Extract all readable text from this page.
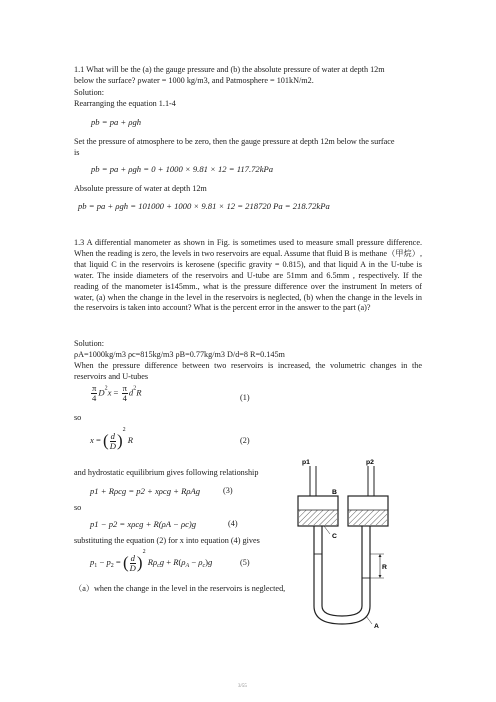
1.1 What will be the (a) the gauge pressure and (b) the absolute pressure of water at depth 12m
below the surface? ρwater = 1000 kg/m3, and Patmosphere = 101kN/m2.
Solution:
Rearranging the equation 1.1-4
pb = pa + ρgh
Set the pressure of atmosphere to be zero, then the gauge pressure at depth 12m below the surface
is
pb = pa + ρgh = 0 + 1000 × 9.81 × 12 = 117.72kPa
Absolute pressure of water at depth 12m
pb = pa + ρgh = 101000 + 1000 × 9.81 × 12 = 218720 Pa = 218.72kPa
1.3 A differential manometer as shown in Fig. is sometimes used to measure small pressure difference. When the reading is zero, the levels in two reservoirs are equal. Assume that fluid B is methane（甲烷）, that liquid C in the reservoirs is kerosene (specific gravity = 0.815), and that liquid A in the U-tube is water. The inside diameters of the reservoirs and U-tube are 51mm and 6.5mm , respectively. If the reading of the manometer is145mm., what is the pressure difference over the instrument In meters of water, (a) when the change in the level in the reservoirs is neglected, (b) when the change in the levels in the reservoirs is taken into account? What is the percent error in the answer to the part (a)?
Solution:
ρA=1000kg/m3 ρc=815kg/m3 ρB=0.77kg/m3 D/d=8 R=0.145m
When the pressure difference between two reservoirs is increased, the volumetric changes in the reservoirs and U-tubes
$\frac{\pi}{4} D^2x = \frac{\pi}{4} d^2R$
(1)
so
x = ( $\frac{d}{D} )^2$ R	(2)
and hydrostatic equilibrium gives following relationship
p1 + Rρcg = p2 + xρcg + RρAg	(3)
so
p1 − p2 = xρcg + R(ρA − ρc)g	(4)
substituting the equation (2) for x into equation (4) gives
$p_1 - p_2$ = ( $\frac{d}{D} )^2$ $R\rho_cg + R(\rho_A - \rho_c)g$	(5)
（a）when the change in the level in the reservoirs is neglected,
p1	p2
B
C
R
A
3/55
